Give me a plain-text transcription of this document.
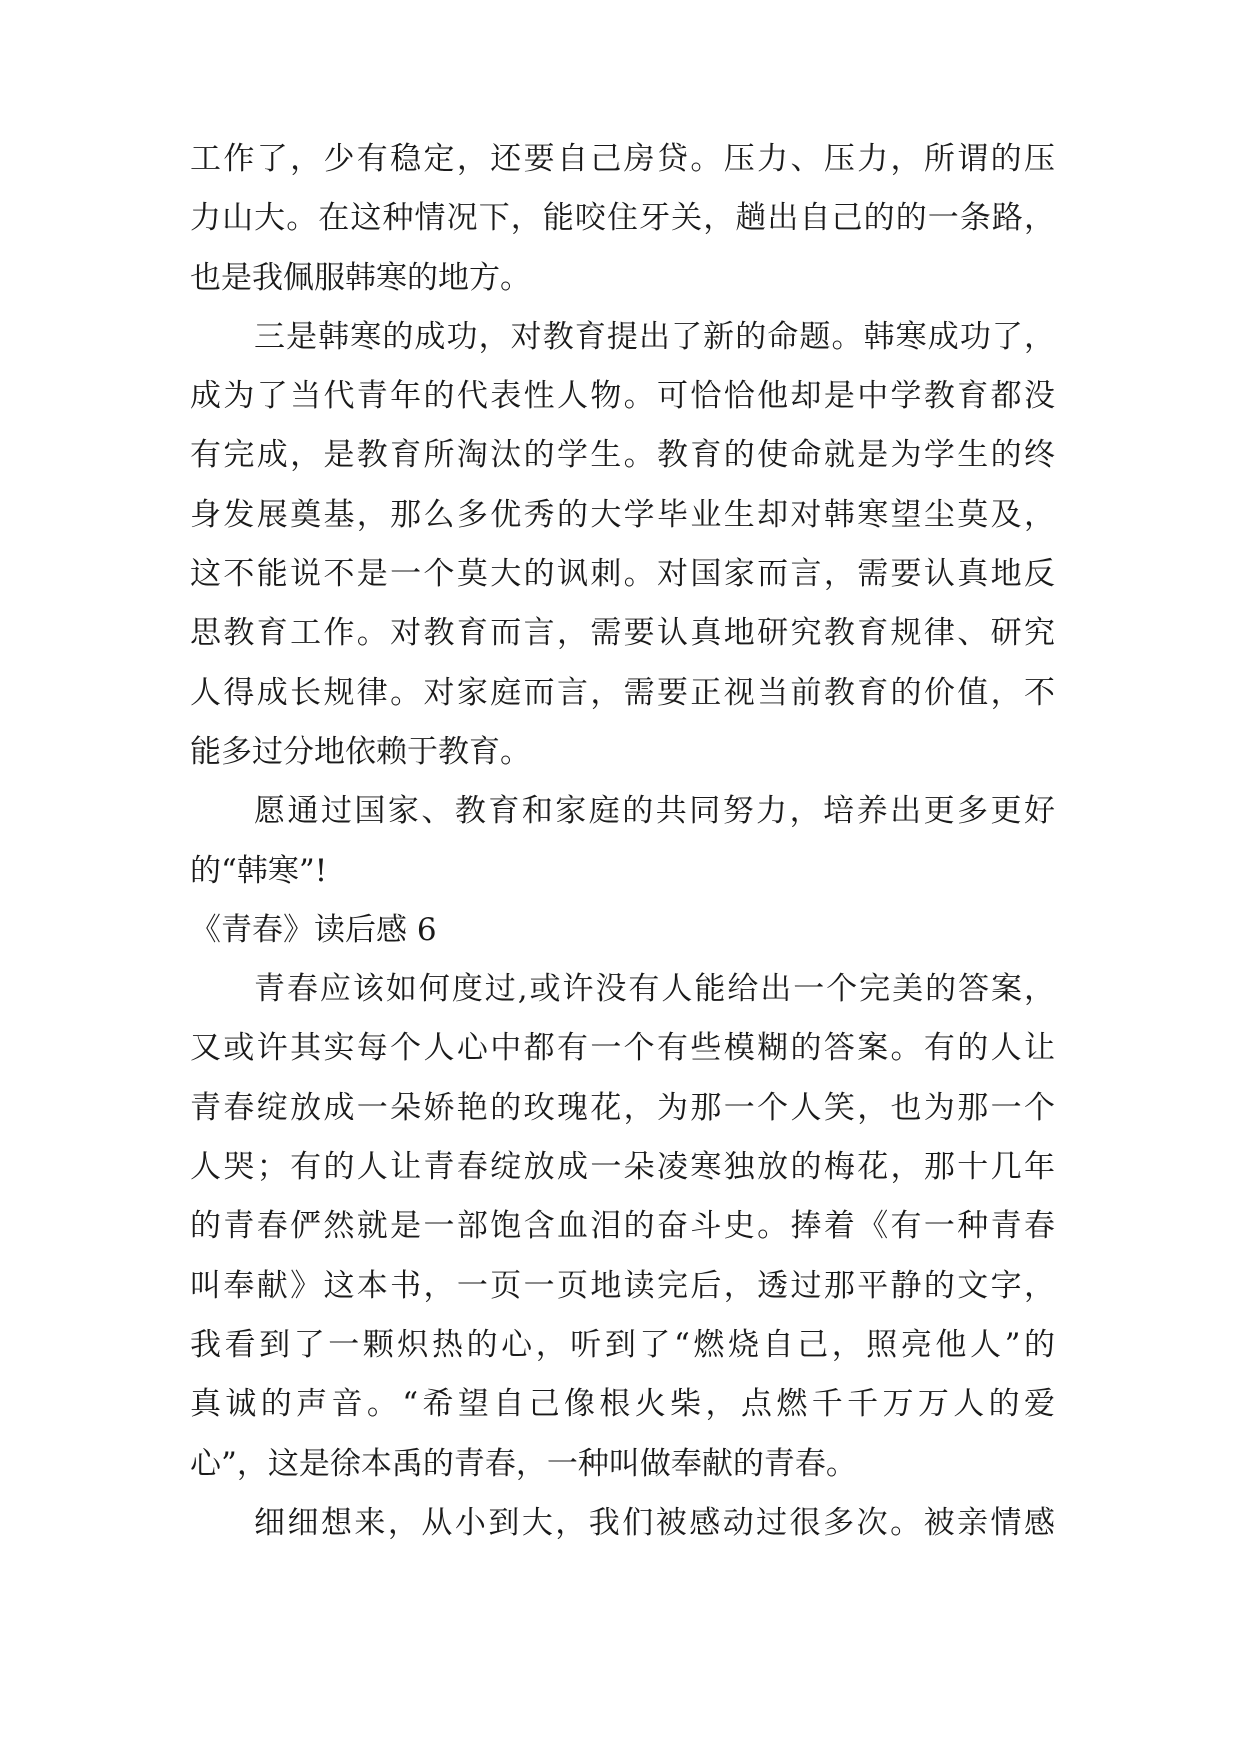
工作了，少有稳定，还要自己房贷。压力、压力，所谓的压
力山大。在这种情况下，能咬住牙关，趟出自己的的一条路，
也是我佩服韩寒的地方。
三是韩寒的成功，对教育提出了新的命题。韩寒成功了，
成为了当代青年的代表性人物。可恰恰他却是中学教育都没
有完成，是教育所淘汰的学生。教育的使命就是为学生的终
身发展奠基，那么多优秀的大学毕业生却对韩寒望尘莫及，
这不能说不是一个莫大的讽刺。对国家而言，需要认真地反
思教育工作。对教育而言，需要认真地研究教育规律、研究
人得成长规律。对家庭而言，需要正视当前教育的价值，不
能多过分地依赖于教育。
愿通过国家、教育和家庭的共同努力，培养出更多更好
的“韩寒”!
《青春》读后感 6
青春应该如何度过,或许没有人能给出一个完美的答案，
又或许其实每个人心中都有一个有些模糊的答案。有的人让
青春绽放成一朵娇艳的玫瑰花，为那一个人笑，也为那一个
人哭；有的人让青春绽放成一朵凌寒独放的梅花，那十几年
的青春俨然就是一部饱含血泪的奋斗史。捧着《有一种青春
叫奉献》这本书，一页一页地读完后，透过那平静的文字，
我看到了一颗炽热的心，听到了“燃烧自己，照亮他人”的
真诚的声音。“希望自己像根火柴，点燃千千万万人的爱
心”，这是徐本禹的青春，一种叫做奉献的青春。
细细想来，从小到大，我们被感动过很多次。被亲情感
